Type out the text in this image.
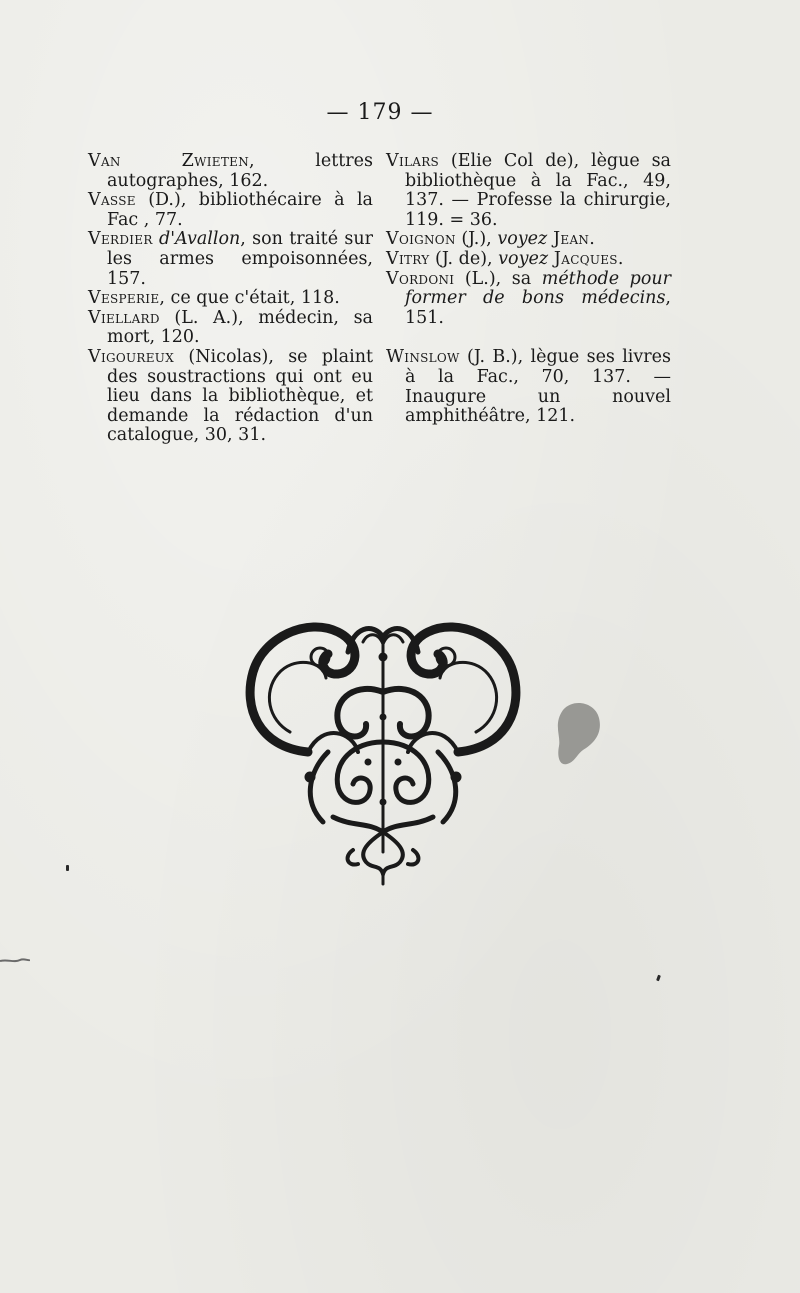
— 179 —

Van Zwieten, lettres autographes, 162.

Vasse (D.), bibliothécaire à la Fac , 77.

Verdier d'Avallon, son traité sur les armes empoisonnées, 157.

Vesperie, ce que c'était, 118.

Viellard (L. A.), médecin, sa mort, 120.

Vigoureux (Nicolas), se plaint des soustractions qui ont eu lieu dans la bibliothèque, et demande la rédaction d'un catalogue, 30, 31.

Vilars (Elie Col de), lègue sa bibliothèque à la Fac., 49, 137. — Professe la chirurgie, 119. = 36.

Voignon (J.), voyez Jean.

Vitry (J. de), voyez Jacques.

Vordoni (L.), sa méthode pour former de bons médecins, 151.

Winslow (J. B.), lègue ses livres à la Fac., 70, 137. — Inaugure un nouvel amphithéâtre, 121.
